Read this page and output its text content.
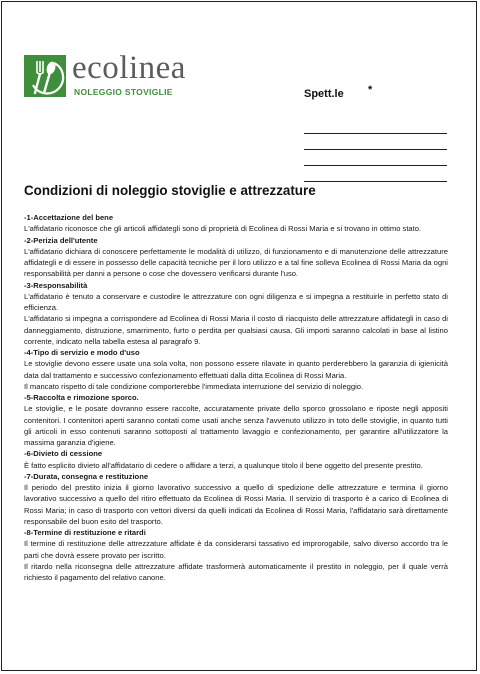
ecolinea
NOLEGGIO STOVIGLIE	Spett.le *
Condizioni di noleggio stoviglie e attrezzature

-1-Accettazione del bene

L'affidatario riconosce che gli articoli affidategli sono di proprietà di Ecolinea di Rossi Maria e si trovano in ottimo stato.

-2-Perizia dell'utente

L'affidatario dichiara di conoscere perfettamente le modalità di utilizzo, di funzionamento e di manutenzione delle attrezzature affidategli e di essere in possesso delle capacità tecniche per il loro utilizzo e a tal fine solleva Ecolinea di Rossi Maria da ogni responsabilità per danni a persone o cose che dovessero verificarsi durante l'uso.

-3-Responsabilità

L'affidatario è tenuto a conservare e custodire le attrezzature con ogni diligenza e si impegna a restituirle in perfetto stato di efficienza.

L'affidatario si impegna a corrispondere ad Ecolinea di Rossi Maria il costo di riacquisto delle attrezzature affidategli in caso di danneggiamento, distruzione, smarrimento, furto o perdita per qualsiasi causa. Gli importi saranno calcolati in base al listino corrente, indicato nella tabella estesa al paragrafo 9.

-4-Tipo di servizio e modo d'uso

Le stoviglie devono essere usate una sola volta, non possono essere rilavate in quanto perderebbero la garanzia di igienicità data dal trattamento e successivo confezionamento effettuati dalla ditta Ecolinea di Rossi Maria.

Il mancato rispetto di tale condizione comporterebbe l'immediata interruzione del servizio di noleggio.

-5-Raccolta e rimozione sporco.

Le stoviglie, e le posate dovranno essere raccolte, accuratamente private dello sporco grossolano e riposte negli appositi contenitori. I contenitori aperti saranno contati come usati anche senza l'avvenuto utilizzo in toto delle stoviglie, in quanto tutti gli articoli in esso contenuti saranno sottoposti al trattamento lavaggio e confezionamento, per garantire all'utilizzatore la massima garanzia d'igiene.

-6-Divieto di cessione

È fatto esplicito divieto all'affidatario di cedere o affidare a terzi, a qualunque titolo il bene oggetto del presente prestito.

-7-Durata, consegna e restituzione

Il periodo del prestito inizia il giorno lavorativo successivo a quello di spedizione delle attrezzature e termina il giorno lavorativo successivo a quello del ritiro effettuato da Ecolinea di Rossi Maria. Il servizio di trasporto è a carico di Ecolinea di Rossi Maria; in caso di trasporto con vettori diversi da quelli indicati da Ecolinea di Rossi Maria, l'affidatario sarà direttamente responsabile del buon esito del trasporto.

-8-Termine di restituzione e ritardi

Il termine di restituzione delle attrezzature affidate è da considerarsi tassativo ed improrogabile, salvo diverso accordo tra le parti che dovrà essere provato per iscritto.

Il ritardo nella riconsegna delle attrezzature affidate trasformerà automaticamente il prestito in noleggio, per il quale verrà richiesto il pagamento del relativo canone.
